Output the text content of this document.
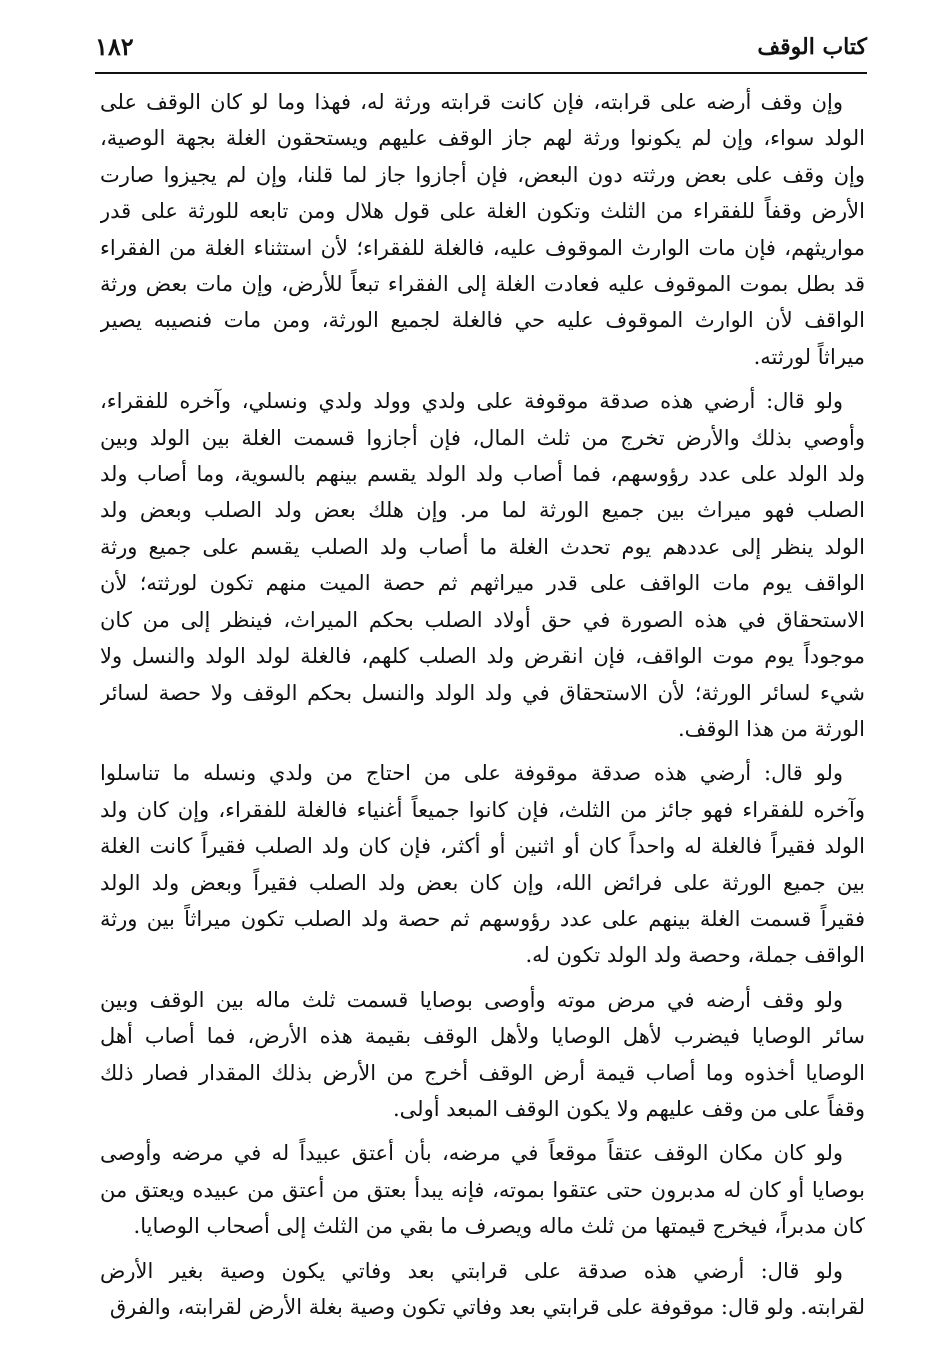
كتاب الوقف
١٨٢
وإن وقف أرضه على قرابته، فإن كانت قرابته ورثة له، فهذا وما لو كان الوقف على
الولد سواء، وإن لم يكونوا ورثة لهم جاز الوقف عليهم ويستحقون الغلة بجهة الوصية،
وإن وقف على بعض ورثته دون البعض، فإن أجازوا جاز لما قلنا، وإن لم يجيزوا صارت
الأرض وقفاً للفقراء من الثلث وتكون الغلة على قول هلال ومن تابعه للورثة على قدر
مواريثهم، فإن مات الوارث الموقوف عليه، فالغلة للفقراء؛ لأن استثناء الغلة من الفقراء
قد بطل بموت الموقوف عليه فعادت الغلة إلى الفقراء تبعاً للأرض، وإن مات بعض ورثة
الواقف لأن الوارث الموقوف عليه حي فالغلة لجميع الورثة، ومن مات فنصيبه يصير
ميراثاً لورثته.
ولو قال: أرضي هذه صدقة موقوفة على ولدي وولد ولدي ونسلي، وآخره للفقراء،
وأوصي بذلك والأرض تخرج من ثلث المال، فإن أجازوا قسمت الغلة بين الولد وبين
ولد الولد على عدد رؤوسهم، فما أصاب ولد الولد يقسم بينهم بالسوية، وما أصاب ولد
الصلب فهو ميراث بين جميع الورثة لما مر. وإن هلك بعض ولد الصلب وبعض ولد
الولد ينظر إلى عددهم يوم تحدث الغلة ما أصاب ولد الصلب يقسم على جميع ورثة
الواقف يوم مات الواقف على قدر ميراثهم ثم حصة الميت منهم تكون لورثته؛ لأن
الاستحقاق في هذه الصورة في حق أولاد الصلب بحكم الميراث، فينظر إلى من كان
موجوداً يوم موت الواقف، فإن انقرض ولد الصلب كلهم، فالغلة لولد الولد والنسل ولا
شيء لسائر الورثة؛ لأن الاستحقاق في ولد الولد والنسل بحكم الوقف ولا حصة لسائر
الورثة من هذا الوقف.
ولو قال: أرضي هذه صدقة موقوفة على من احتاج من ولدي ونسله ما تناسلوا
وآخره للفقراء فهو جائز من الثلث، فإن كانوا جميعاً أغنياء فالغلة للفقراء، وإن كان ولد
الولد فقيراً فالغلة له واحداً كان أو اثنين أو أكثر، فإن كان ولد الصلب فقيراً كانت الغلة
بين جميع الورثة على فرائض الله، وإن كان بعض ولد الصلب فقيراً وبعض ولد الولد
فقيراً قسمت الغلة بينهم على عدد رؤوسهم ثم حصة ولد الصلب تكون ميراثاً بين ورثة
الواقف جملة، وحصة ولد الولد تكون له.
ولو وقف أرضه في مرض موته وأوصى بوصايا قسمت ثلث ماله بين الوقف وبين
سائر الوصايا فيضرب لأهل الوصايا ولأهل الوقف بقيمة هذه الأرض، فما أصاب أهل
الوصايا أخذوه وما أصاب قيمة أرض الوقف أخرج من الأرض بذلك المقدار فصار ذلك
وقفاً على من وقف عليهم ولا يكون الوقف المبعد أولى.
ولو كان مكان الوقف عتقاً موقعاً في مرضه، بأن أعتق عبيداً له في مرضه وأوصى
بوصايا أو كان له مدبرون حتى عتقوا بموته، فإنه يبدأ بعتق من أعتق من عبيده ويعتق من
كان مدبراً، فيخرج قيمتها من ثلث ماله ويصرف ما بقي من الثلث إلى أصحاب الوصايا.
ولو قال: أرضي هذه صدقة على قرابتي بعد وفاتي يكون وصية بغير الأرض
لقرابته. ولو قال: موقوفة على قرابتي بعد وفاتي تكون وصية بغلة الأرض لقرابته، والفرق
